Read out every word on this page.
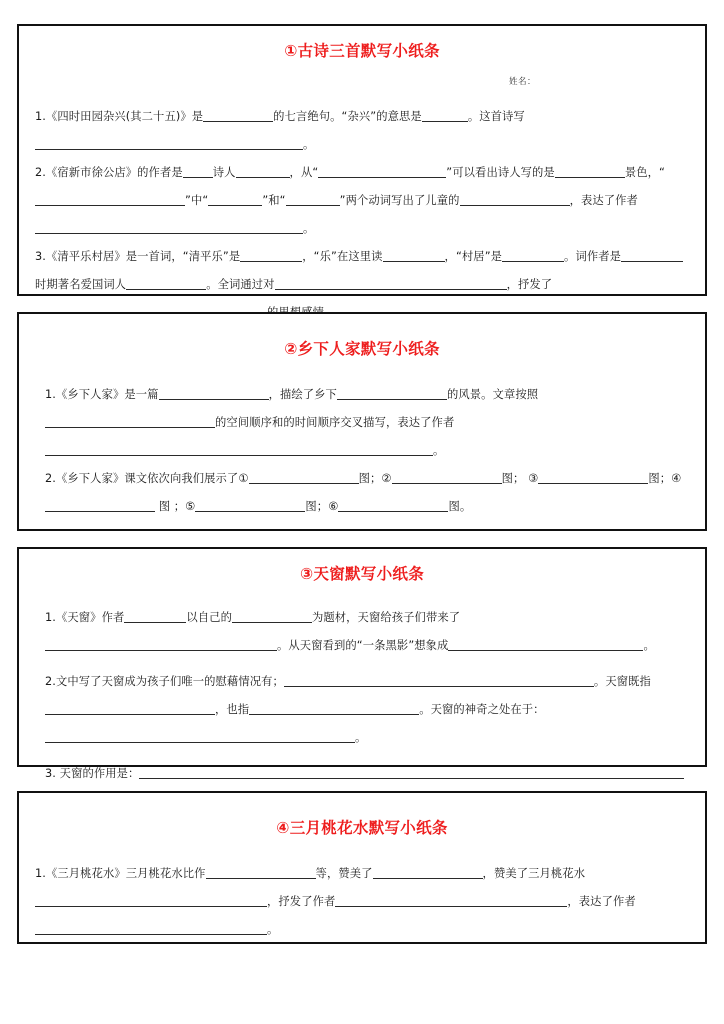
①古诗三首默写小纸条
姓名：

1.《四时田园杂兴(其二十五)》是	的七言绝句。“杂兴”的意思是	。这首诗写。

2.《宿新市徐公店》的作者是	诗人	，从“	”可以看出诗人写的是	景色，“”中“	”和“	”两个动词写出了儿童的	，表达了作者。

3.《清平乐村居》是一首词，“清平乐”是	，“乐”在这里读	，“村居”是	。词作者是时期著名爱国词人	。全词通过对	，抒发了

②乡下人家默写小纸条

1.《乡下人家》是一篇	，描绘了乡下	的风景。文章按照的空间顺序和的时间顺序交叉描写，表达了作者。

2.《乡下人家》课文依次向我们展示了①	图；②	图； ③	图；④  图 ；⑤	图；⑥	图。

③天窗默写小纸条

1.《天窗》作者	以自己的	为题材，天窗给孩子们带来了。从天窗看到的“一条黑影”想象成	。

2.文中写了天窗成为孩子们唯一的慰藉情况有；	。天窗既指，也指	。天窗的神奇之处在于：。

3. 天窗的作用是：

④三月桃花水默写小纸条

1.《三月桃花水》三月桃花水比作	等，赞美了	，赞美了三月桃花水，抒发了作者	，表达了作者。
